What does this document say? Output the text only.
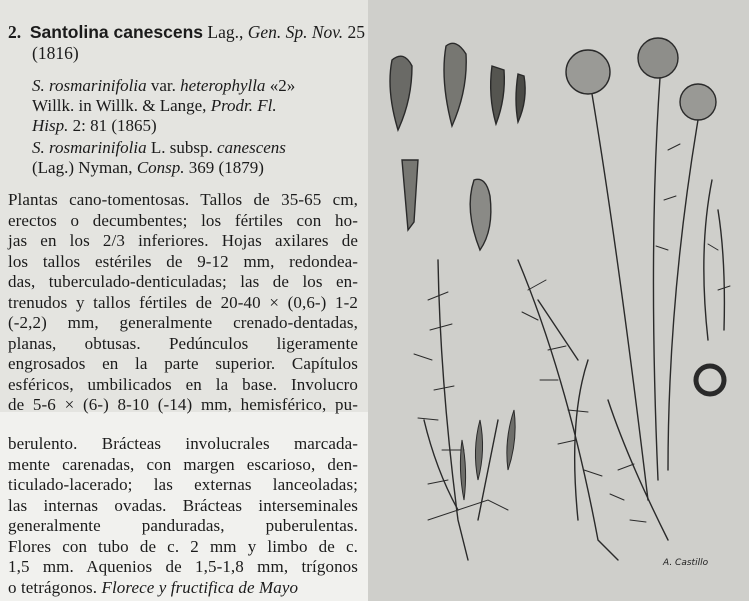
2. Santolina canescens Lag., Gen. Sp. Nov. 25
(1816)
S. rosmarinifolia var. heterophylla «2»
Willk. in Willk. & Lange, Prodr. Fl.
Hisp. 2: 81 (1865)
S. rosmarinifolia L. subsp. canescens
(Lag.) Nyman, Consp. 369 (1879)
Plantas cano-tomentosas. Tallos de 35-65 cm,
erectos o decumbentes; los fértiles con ho-
jas en los 2/3 inferiores. Hojas axilares de
los tallos estériles de 9-12 mm, redondea-
das, tuberculado-denticuladas; las de los en-
trenudos y tallos fértiles de 20-40 × (0,6-) 1-2
(-2,2) mm, generalmente crenado-dentadas,
planas, obtusas. Pedúnculos ligeramente
engrosados en la parte superior. Capítulos
esféricos, umbilicados en la base. Involucro
de 5-6 × (6-) 8-10 (-14) mm, hemisférico, pu-
berulento. Brácteas involucrales marcada-
mente carenadas, con margen escarioso, den-
ticulado-lacerado; las externas lanceoladas;
las internas ovadas. Brácteas interseminales
generalmente panduradas, puberulentas.
Flores con tubo de c. 2 mm y limbo de c.
1,5 mm. Aquenios de 1,5-1,8 mm, trígonos
o tetrágonos. Florece y fructifica de Mayo
A. Castillo
